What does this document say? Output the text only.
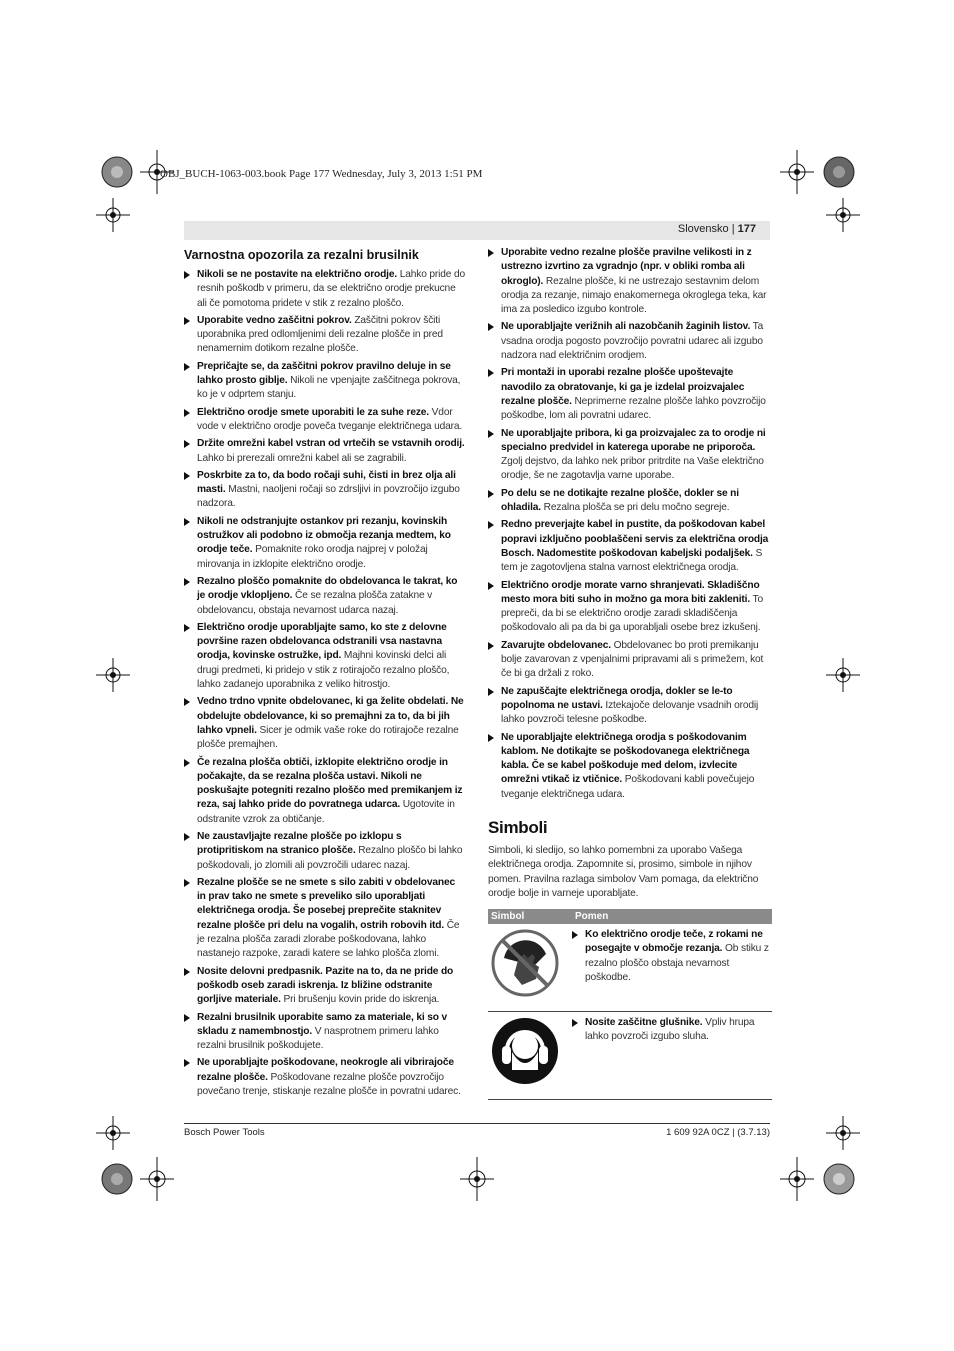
OBJ_BUCH-1063-003.book Page 177 Wednesday, July 3, 2013 1:51 PM
Slovensko | 177
Varnostna opozorila za rezalni brusilnik
Nikoli se ne postavite na električno orodje. Lahko pride do resnih poškodb v primeru, da se električno orodje prekucne ali če pomotoma pridete v stik z rezalno ploščo.
Uporabite vedno zaščitni pokrov. Zaščitni pokrov ščiti uporabnika pred odlomljenimi deli rezalne plošče in pred nenamernim dotikom rezalne plošče.
Prepričajte se, da zaščitni pokrov pravilno deluje in se lahko prosto giblje. Nikoli ne vpenjajte zaščitnega pokrova, ko je v odprtem stanju.
Električno orodje smete uporabiti le za suhe reze. Vdor vode v električno orodje poveča tveganje električnega udara.
Držite omrežni kabel vstran od vrtečih se vstavnih orodij. Lahko bi prerezali omrežni kabel ali se zagrabili.
Poskrbite za to, da bodo ročaji suhi, čisti in brez olja ali masti. Mastni, naoljeni ročaji so zdrsljivi in povzročijo izgubo nadzora.
Nikoli ne odstranjujte ostankov pri rezanju, kovinskih ostružkov ali podobno iz območja rezanja medtem, ko orodje teče. Pomaknite roko orodja najprej v položaj mirovanja in izklopite električno orodje.
Rezalno ploščo pomaknite do obdelovanca le takrat, ko je orodje vklopljeno. Če se rezalna plošča zatakne v obdelovancu, obstaja nevarnost udarca nazaj.
Električno orodje uporabljajte samo, ko ste z delovne površine razen obdelovanca odstranili vsa nastavna orodja, kovinske ostružke, ipd. Majhni kovinski delci ali drugi predmeti, ki pridejo v stik z rotirajočo rezalno ploščo, lahko zadanejo uporabnika z veliko hitrostjo.
Vedno trdno vpnite obdelovanec, ki ga želite obdelati. Ne obdelujte obdelovance, ki so premajhni za to, da bi jih lahko vpneli. Sicer je odmik vaše roke do rotirajoče rezalne plošče premajhen.
Če rezalna plošča obtiči, izklopite električno orodje in počakajte, da se rezalna plošča ustavi. Nikoli ne poskušajte potegniti rezalno ploščo med premikanjem iz reza, saj lahko pride do povratnega udarca. Ugotovite in odstranite vzrok za obtičanje.
Ne zaustavljajte rezalne plošče po izklopu s protipritiskom na stranico plošče. Rezalno ploščo bi lahko poškodovali, jo zlomili ali povzročili udarec nazaj.
Rezalne plošče se ne smete s silo zabiti v obdelovanec in prav tako ne smete s preveliko silo uporabljati električnega orodja. Še posebej preprečite staknitev rezalne plošče pri delu na vogalih, ostrih robovih itd. Če je rezalna plošča zaradi zlorabe poškodovana, lahko nastanejo razpoke, zaradi katere se lahko plošča zlomi.
Nosite delovni predpasnik. Pazite na to, da ne pride do poškodb oseb zaradi iskrenja. Iz bližine odstranite gorljive materiale. Pri brušenju kovin pride do iskrenja.
Rezalni brusilnik uporabite samo za materiale, ki so v skladu z namembnostjo. V nasprotnem primeru lahko rezalni brusilnik poškodujete.
Ne uporabljajte poškodovane, neokrogle ali vibrirajoče rezalne plošče. Poškodovane rezalne plošče povzročijo povečano trenje, stiskanje rezalne plošče in povratni udarec.
Uporabite vedno rezalne plošče pravilne velikosti in z ustrezno izvrtino za vgradnjo (npr. v obliki romba ali okroglo). Rezalne plošče, ki ne ustrezajo sestavnim delom orodja za rezanje, nimajo enakomernega okroglega teka, kar ima za posledico izgubo kontrole.
Ne uporabljajte verižnih ali nazobčanih žaginih listov. Ta vsadna orodja pogosto povzročijo povratni udarec ali izgubo nadzora nad električnim orodjem.
Pri montaži in uporabi rezalne plošče upoštevajte navodilo za obratovanje, ki ga je izdelal proizvajalec rezalne plošče. Neprimerne rezalne plošče lahko povzročijo poškodbe, lom ali povratni udarec.
Ne uporabljajte pribora, ki ga proizvajalec za to orodje ni specialno predvidel in katerega uporabe ne priporoča. Zgolj dejstvo, da lahko nek pribor pritrdite na Vaše električno orodje, še ne zagotavlja varne uporabe.
Po delu se ne dotikajte rezalne plošče, dokler se ni ohladila. Rezalna plošča se pri delu močno segreje.
Redno preverjajte kabel in pustite, da poškodovan kabel popravi izključno pooblaščeni servis za električna orodja Bosch. Nadomestite poškodovan kabeljski podaljšek. S tem je zagotovljena stalna varnost električnega orodja.
Električno orodje morate varno shranjevati. Skladiščno mesto mora biti suho in možno ga mora biti zakleniti. To prepreči, da bi se električno orodje zaradi skladiščenja poškodovalo ali pa da bi ga uporabljali osebe brez izkušenj.
Zavarujte obdelovanec. Obdelovanec bo proti premikanju bolje zavarovan z vpenjalnimi pripravami ali s primežem, kot če bi ga držali z roko.
Ne zapuščajte električnega orodja, dokler se le-to popolnoma ne ustavi. Iztekajoče delovanje vsadnih orodij lahko povzroči telesne poškodbe.
Ne uporabljajte električnega orodja s poškodovanim kablom. Ne dotikajte se poškodovanega električnega kabla. Če se kabel poškoduje med delom, izvlecite omrežni vtikač iz vtičnice. Poškodovani kabli povečujejo tveganje električnega udara.
Simboli

Simboli, ki sledijo, so lahko pomembni za uporabo Vašega električnega orodja. Zapomnite si, prosimo, simbole in njihov pomen. Pravilna razlaga simbolov Vam pomaga, da električno orodje bolje in varneje uporabljate.

Simbol	Pomen

Ko električno orodje teče, z rokami ne posegajte v območje rezanja. Ob stiku z rezalno ploščo obstaja nevarnost poškodbe.

Nosite zaščitne glušnike. Vpliv hrupa lahko povzroči izgubo sluha.
Bosch Power Tools	1 609 92A 0CZ | (3.7.13)
